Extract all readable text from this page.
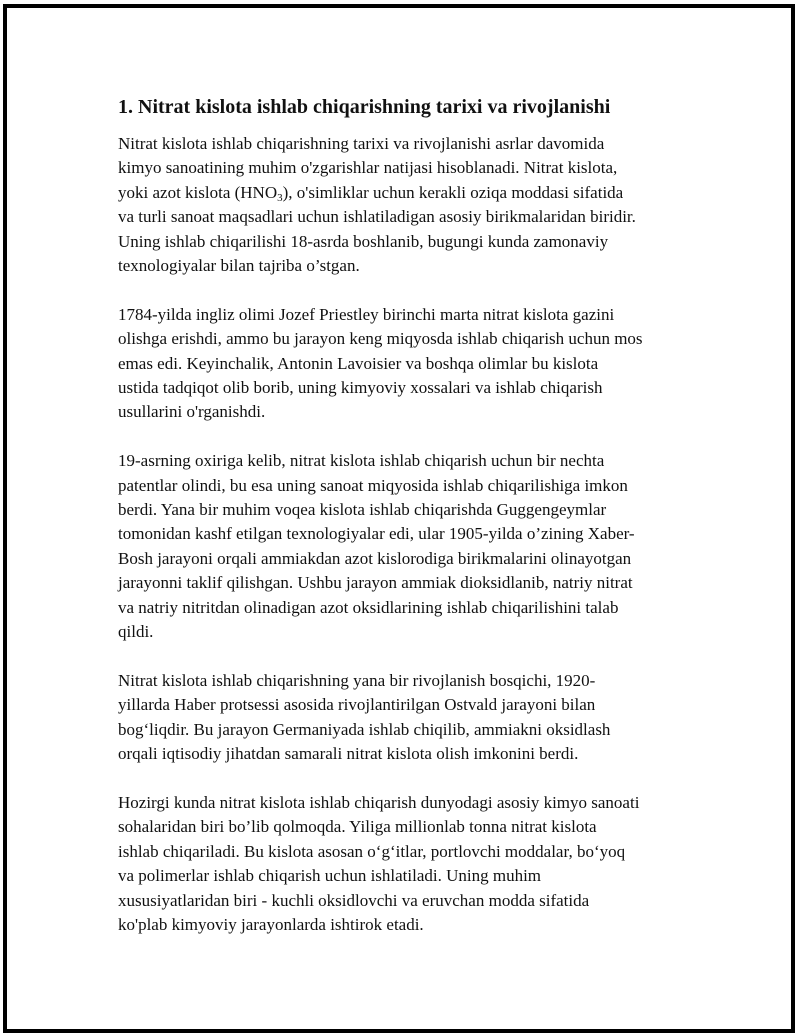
1. Nitrat kislota ishlab chiqarishning tarixi va rivojlanishi
Nitrat kislota ishlab chiqarishning tarixi va rivojlanishi asrlar davomida
kimyo sanoatining muhim o'zgarishlar natijasi hisoblanadi. Nitrat kislota,
yoki azot kislota $(HNO_3)$, o'simliklar uchun kerakli oziqa moddasi sifatida
va turli sanoat maqsadlari uchun ishlatiladigan asosiy birikmalaridan biridir.
Uning ishlab chiqarilishi 18-asrda boshlanib, bugungi kunda zamonaviy
texnologiyalar bilan tajriba o’stgan.
1784-yilda ingliz olimi Jozef Priestley birinchi marta nitrat kislota gazini
olishga erishdi, ammo bu jarayon keng miqyosda ishlab chiqarish uchun mos
emas edi. Keyinchalik, Antonin Lavoisier va boshqa olimlar bu kislota
ustida tadqiqot olib borib, uning kimyoviy xossalari va ishlab chiqarish
usullarini o'rganishdi.
19-asrning oxiriga kelib, nitrat kislota ishlab chiqarish uchun bir nechta
patentlar olindi, bu esa uning sanoat miqyosida ishlab chiqarilishiga imkon
berdi. Yana bir muhim voqea kislota ishlab chiqarishda Guggengeymlar
tomonidan kashf etilgan texnologiyalar edi, ular 1905-yilda o’zining Xaber-
Bosh jarayoni orqali ammiakdan azot kislorodiga birikmalarini olinayotgan
jarayonni taklif qilishgan. Ushbu jarayon ammiak dioksidlanib, natriy nitrat
va natriy nitritdan olinadigan azot oksidlarining ishlab chiqarilishini talab
qildi.
Nitrat kislota ishlab chiqarishning yana bir rivojlanish bosqichi, 1920-
yillarda Haber protsessi asosida rivojlantirilgan Ostvald jarayoni bilan
bog‘liqdir. Bu jarayon Germaniyada ishlab chiqilib, ammiakni oksidlash
orqali iqtisodiy jihatdan samarali nitrat kislota olish imkonini berdi.
Hozirgi kunda nitrat kislota ishlab chiqarish dunyodagi asosiy kimyo sanoati
sohalaridan biri bo’lib qolmoqda. Yiliga millionlab tonna nitrat kislota
ishlab chiqariladi. Bu kislota asosan o‘g‘itlar, portlovchi moddalar, bo‘yoq
va polimerlar ishlab chiqarish uchun ishlatiladi. Uning muhim
xususiyatlaridan biri - kuchli oksidlovchi va eruvchan modda sifatida
ko'plab kimyoviy jarayonlarda ishtirok etadi.
